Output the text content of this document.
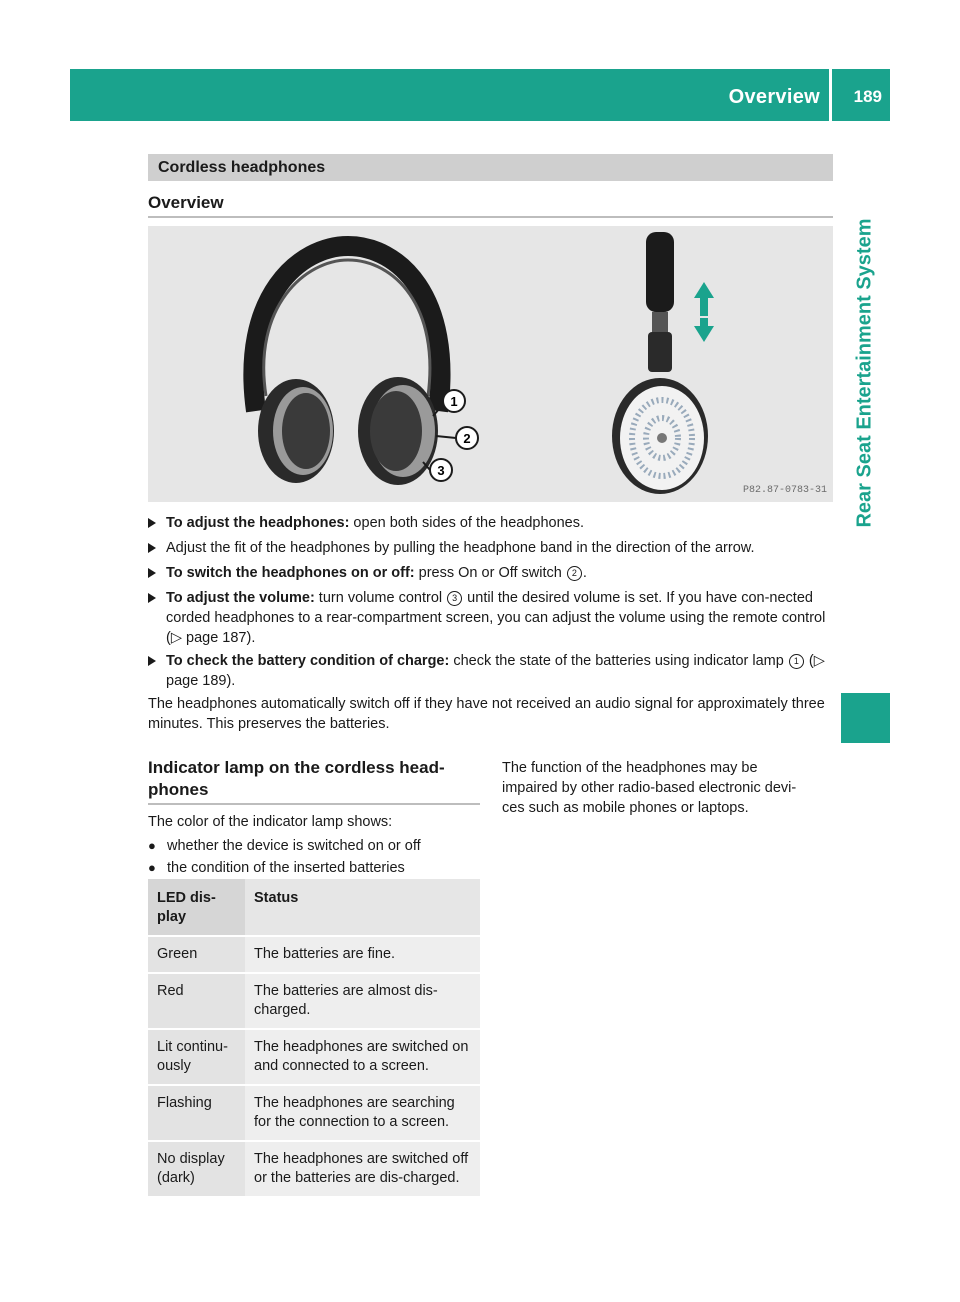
Overview 189
Rear Seat Entertainment System
Cordless headphones
Overview
1
2
3
P82.87-0783-31
To adjust the headphones: open both sides of the headphones.
Adjust the fit of the headphones by pulling the headphone band in the direction of the arrow.
To switch the headphones on or off: press On or Off switch 2 .
To adjust the volume: turn volume control 3 until the desired volume is set. If you have con-nected corded headphones to a rear-compartment screen, you can adjust the volume using the remote control (▷ page 187).
To check the battery condition of charge: check the state of the batteries using indicator lamp 1 (▷ page 189).
The headphones automatically switch off if they have not received an audio signal for approximately three minutes. This preserves the batteries.
Indicator lamp on the cordless head-phones
The color of the indicator lamp shows:
● whether the device is switched on or off
● the condition of the inserted batteries
LED dis-play	Status
Green	The batteries are fine.
Red	The batteries are almost dis-charged.
Lit continu-ously	The headphones are switched on and connected to a screen.
Flashing	The headphones are searching for the connection to a screen.
No display (dark)	The headphones are switched off or the batteries are dis-charged.
The function of the headphones may be impaired by other radio-based electronic devi-ces such as mobile phones or laptops.
